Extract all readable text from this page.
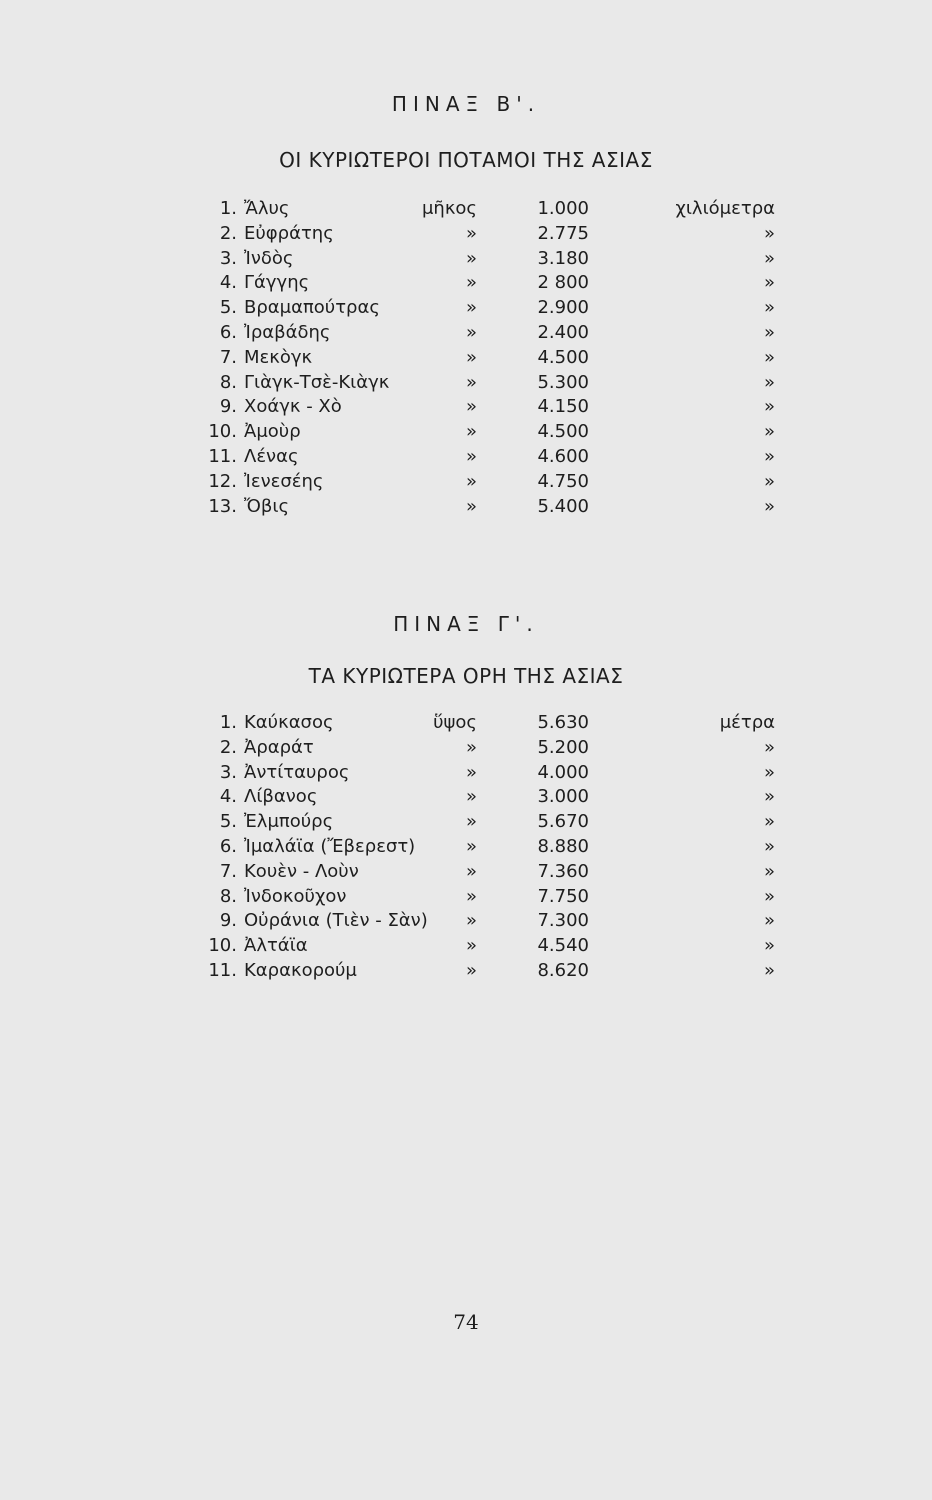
ΠΙΝΑΞ Β'.
ΟΙ ΚΥΡΙΩΤΕΡΟΙ ΠΟΤΑΜΟΙ ΤΗΣ ΑΣΙΑΣ
1. Ἄλυς	μῆκος	1.000	χιλιόμετρα
2. Εὐφράτης	»	2.775	»
3. Ἰνδὸς	»	3.180	»
4. Γάγγης	»	2 800	»
5. Βραμαπούτρας	»	2.900	»
6. Ἰραβάδης	»	2.400	»
7. Μεκὸγκ	»	4.500	»
8. Γιὰγκ-Τσὲ-Κιὰγκ	»	5.300	»
9. Χοάγκ - Χὸ	»	4.150	»
10. Ἀμοὺρ	»	4.500	»
11. Λένας	»	4.600	»
12. Ἰενεσέης	»	4.750	»
13. Ὄβις	»	5.400	»
ΠΙΝΑΞ Γ'.
ΤΑ ΚΥΡΙΩΤΕΡΑ ΟΡΗ ΤΗΣ ΑΣΙΑΣ
1. Καύκασος	ὕψος	5.630	μέτρα
2. Ἀραράτ	»	5.200	»
3. Ἀντίταυρος	»	4.000	»
4. Λίβανος	»	3.000	»
5. Ἐλμπούρς	»	5.670	»
6. Ἰμαλάϊα (Ἔβερεστ)	»	8.880	»
7. Κουὲν - Λοὺν	»	7.360	»
8. Ἰνδοκοῦχον	»	7.750	»
9. Οὐράνια (Τιὲν - Σὰν)	»	7.300	»
10. Ἀλτάϊα	»	4.540	»
11. Καρακορούμ	»	8.620	»
74
